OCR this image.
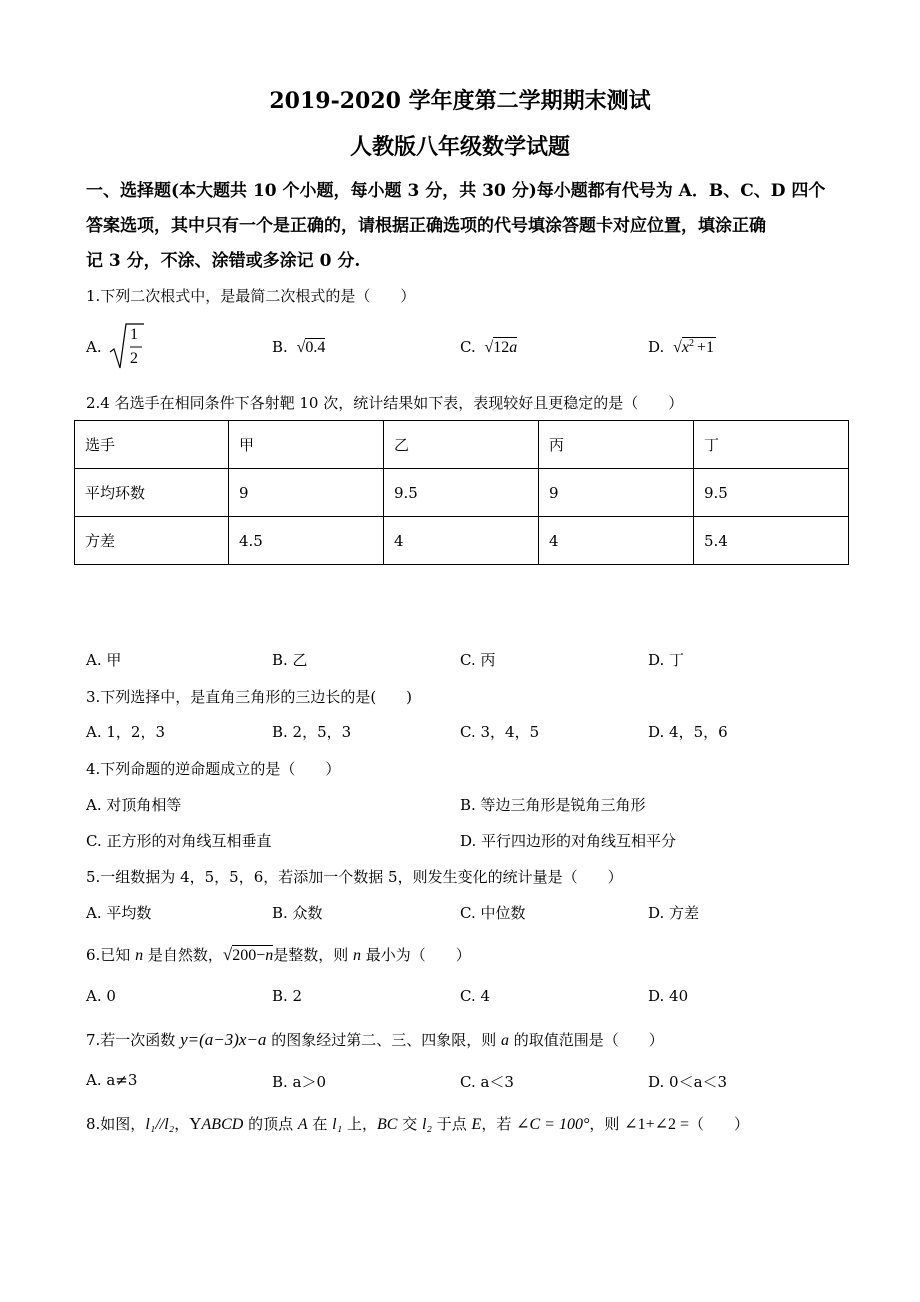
2019-2020 学年度第二学期期末测试
人教版八年级数学试题
一、选择题(本大题共 10 个小题，每小题 3 分，共 30 分)每小题都有代号为 A．B、C、D 四个
答案选项，其中只有一个是正确的，请根据正确选项的代号填涂答题卡对应位置，填涂正确
记 3 分，不涂、涂错或多涂记 0 分.
1.下列二次根式中，是最简二次根式的是（　　）
A.
1
2
B. √0.4	C. √12a	D. $√x^2 +1$
2.4 名选手在相同条件下各射靶 10 次，统计结果如下表，表现较好且更稳定的是（　　）
选手	甲	乙	丙	丁
平均环数	9	9.5	9	9.5
方差	4.5	4	4	5.4
A. 甲	B. 乙	C. 丙	D. 丁
3.下列选择中，是直角三角形的三边长的是(　　)
A. 1，2，3	B. 2，5，3	C. 3，4，5	D. 4，5，6
4.下列命题的逆命题成立的是（　　）
A. 对顶角相等	B. 等边三角形是锐角三角形
C. 正方形的对角线互相垂直	D. 平行四边形的对角线互相平分
5.一组数据为 4，5，5，6，若添加一个数据 5，则发生变化的统计量是（　　）
A. 平均数	B. 众数	C. 中位数	D. 方差
6.已知 n 是自然数，√200−n是整数，则 n 最小为（　　）
A. 0	B. 2	C. 4	D. 40
7.若一次函数 y=(a−3)x−a 的图象经过第二、三、四象限，则 a 的取值范围是（　　）
A. a≠3	B. a＞0	C. a＜3	D. 0＜a＜3
8.如图，l₁//l₂，YABCD 的顶点 A 在 l₁ 上，BC 交 l₂ 于点 E，若 ∠C = 100°，则 ∠1+∠2 =（　　）
